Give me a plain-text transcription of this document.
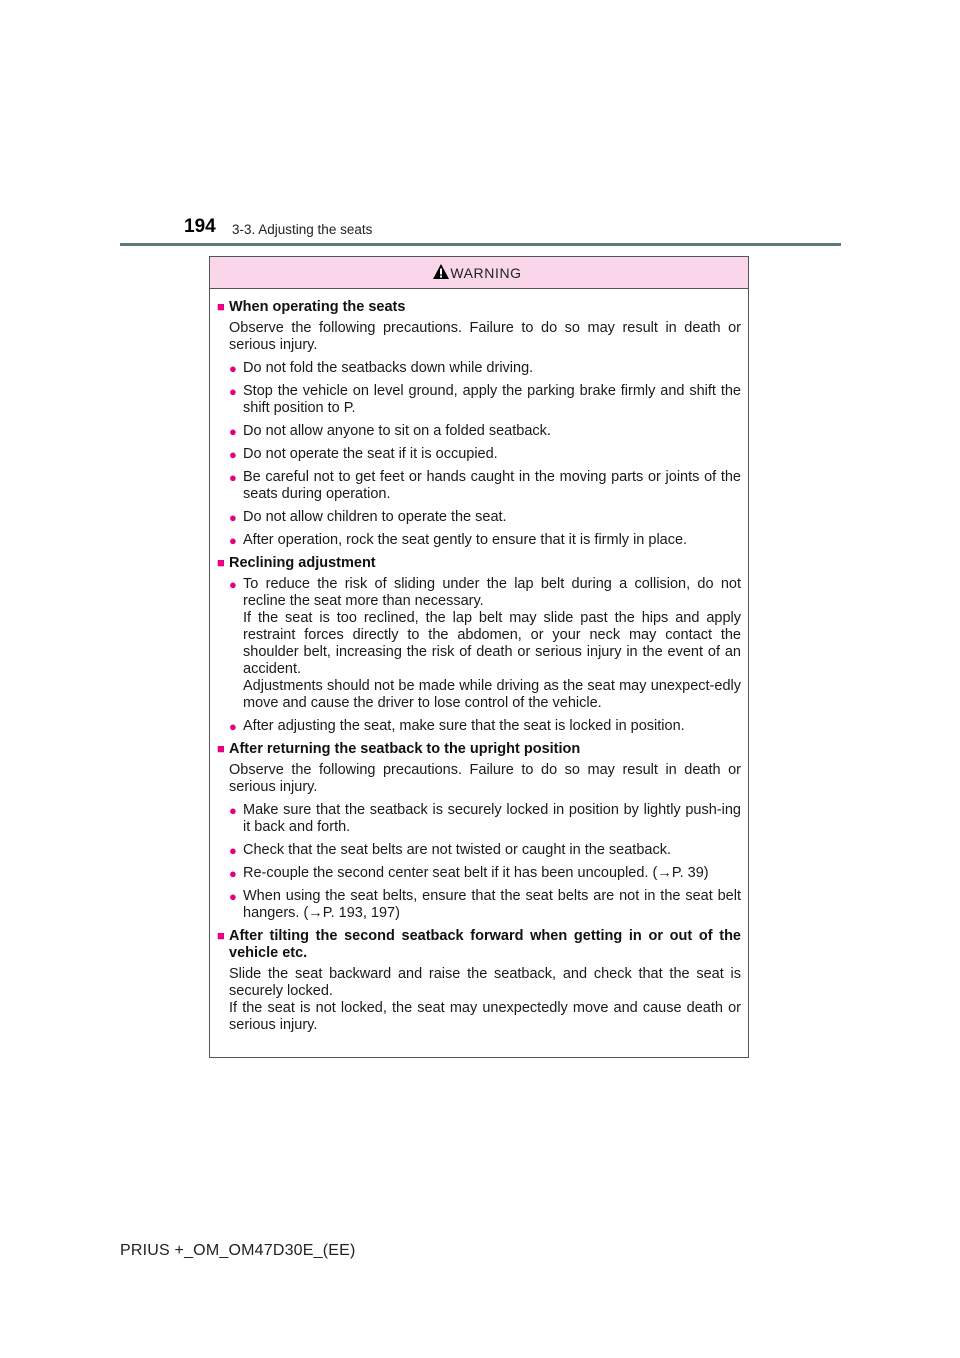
194 3-3. Adjusting the seats
WARNING
■ When operating the seats
Observe the following precautions. Failure to do so may result in death or serious injury.
● Do not fold the seatbacks down while driving.
● Stop the vehicle on level ground, apply the parking brake firmly and shift the shift position to P.
● Do not allow anyone to sit on a folded seatback.
● Do not operate the seat if it is occupied.
● Be careful not to get feet or hands caught in the moving parts or joints of the seats during operation.
● Do not allow children to operate the seat.
● After operation, rock the seat gently to ensure that it is firmly in place.
■ Reclining adjustment
● To reduce the risk of sliding under the lap belt during a collision, do not recline the seat more than necessary.
If the seat is too reclined, the lap belt may slide past the hips and apply restraint forces directly to the abdomen, or your neck may contact the shoulder belt, increasing the risk of death or serious injury in the event of an accident.
Adjustments should not be made while driving as the seat may unexpect-edly move and cause the driver to lose control of the vehicle.
● After adjusting the seat, make sure that the seat is locked in position.
■ After returning the seatback to the upright position
Observe the following precautions. Failure to do so may result in death or serious injury.
● Make sure that the seatback is securely locked in position by lightly push-ing it back and forth.
● Check that the seat belts are not twisted or caught in the seatback.
● Re-couple the second center seat belt if it has been uncoupled. (→P. 39)
● When using the seat belts, ensure that the seat belts are not in the seat belt hangers. (→P. 193, 197)
■ After tilting the second seatback forward when getting in or out of the vehicle etc.
Slide the seat backward and raise the seatback, and check that the seat is securely locked.
If the seat is not locked, the seat may unexpectedly move and cause death or serious injury.
PRIUS +_OM_OM47D30E_(EE)
